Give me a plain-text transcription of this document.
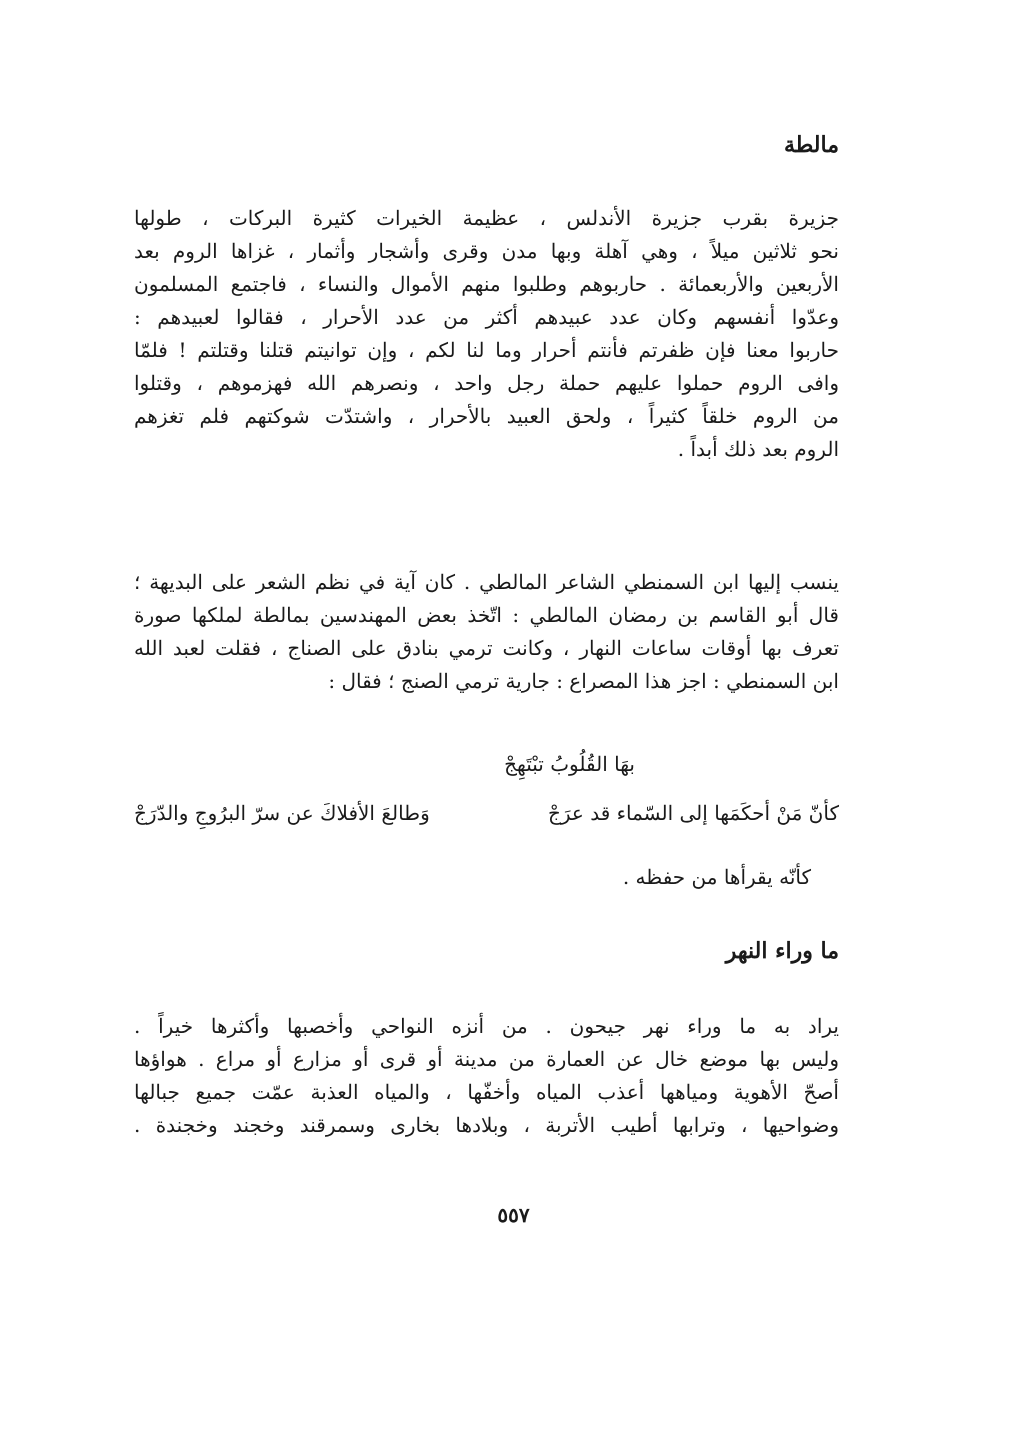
مالطة
جزيرة بقرب جزيرة الأندلس ، عظيمة الخيرات كثيرة البركات ، طولها
نحو ثلاثين ميلاً ، وهي آهلة وبها مدن وقرى وأشجار وأثمار ، غزاها الروم بعد
الأربعين والأربعمائة . حاربوهم وطلبوا منهم الأموال والنساء ، فاجتمع المسلمون
وعدّوا أنفسهم وكان عدد عبيدهم أكثر من عدد الأحرار ، فقالوا لعبيدهم :
حاربوا معنا فإن ظفرتم فأنتم أحرار وما لنا لكم ، وإن توانيتم قتلنا وقتلتم ! فلمّا
وافى الروم حملوا عليهم حملة رجل واحد ، ونصرهم الله فهزموهم ، وقتلوا
من الروم خلقاً كثيراً ، ولحق العبيد بالأحرار ، واشتدّت شوكتهم فلم تغزهم
الروم بعد ذلك أبداً .
ينسب إليها ابن السمنطي الشاعر المالطي . كان آية في نظم الشعر على البديهة ؛
قال أبو القاسم بن رمضان المالطي : اتّخذ بعض المهندسين بمالطة لملكها صورة
تعرف بها أوقات ساعات النهار ، وكانت ترمي بنادق على الصناج ، فقلت لعبد الله
ابن السمنطي : اجز هذا المصراع : جارية ترمي الصنج ؛ فقال :
بهَا القُلُوبُ تبْتَهِجْ
كأنّ مَنْ أحكَمَها إلى السّماء قد عرَجْ
وَطالعَ الأفلاكَ عن سرّ البرُوجِ والدّرَجْ
كأنّه يقرأها من حفظه .
ما وراء النهر
يراد به ما وراء نهر جيحون . من أنزه النواحي وأخصبها وأكثرها خيراً .
وليس بها موضع خال عن العمارة من مدينة أو قرى أو مزارع أو مراع . هواؤها
أصحّ الأهوية ومياهها أعذب المياه وأخفّها ، والمياه العذبة عمّت جميع جبالها
وضواحيها ، وترابها أطيب الأتربة ، وبلادها بخارى وسمرقند وخجند وخجندة .
٥٥٧
